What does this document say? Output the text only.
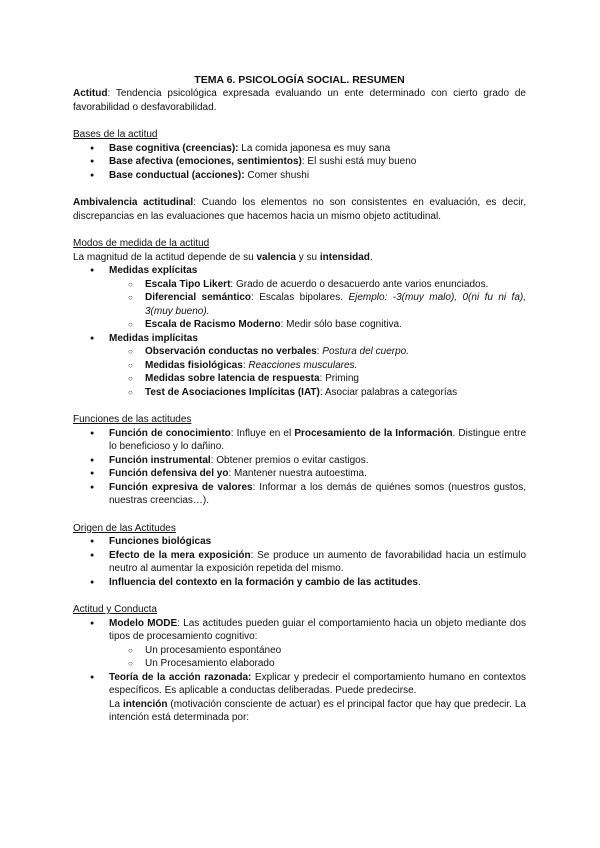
TEMA 6. PSICOLOGÍA SOCIAL. RESUMEN

Actitud: Tendencia psicológica expresada evaluando un ente determinado con cierto grado de favorabilidad o desfavorabilidad.

Bases de la actitud

● Base cognitiva (creencias): La comida japonesa es muy sana
● Base afectiva (emociones, sentimientos): El sushi está muy bueno
● Base conductual (acciones): Comer shushi

Ambivalencia actitudinal: Cuando los elementos no son consistentes en evaluación, es decir, discrepancias en las evaluaciones que hacemos hacia un mismo objeto actitudinal.

Modos de medida de la actitud

La magnitud de la actitud depende de su valencia y su intensidad.

● Medidas explícitas
○ Escala Tipo Likert: Grado de acuerdo o desacuerdo ante varios enunciados.
○ Diferencial semántico: Escalas bipolares. Ejemplo: -3(muy malo), 0(ni fu ni fa), 3(muy bueno).
○ Escala de Racismo Moderno: Medir sólo base cognitiva.
● Medidas implícitas
○ Observación conductas no verbales: Postura del cuerpo.
○ Medidas fisiológicas: Reacciones musculares.
○ Medidas sobre latencia de respuesta: Priming
○ Test de Asociaciones Implícitas (IAT): Asociar palabras a categorías

Funciones de las actitudes

● Función de conocimiento: Influye en el Procesamiento de la Información. Distingue entre lo beneficioso y lo dañino.
● Función instrumental: Obtener premios o evitar castigos.
● Función defensiva del yo: Mantener nuestra autoestima.
● Función expresiva de valores: Informar a los demás de quiénes somos (nuestros gustos, nuestras creencias…).

Origen de las Actitudes

● Funciones biológicas
● Efecto de la mera exposición: Se produce un aumento de favorabilidad hacia un estímulo neutro al aumentar la exposición repetida del mismo.
● Influencia del contexto en la formación y cambio de las actitudes.

Actitud y Conducta

● Modelo MODE: Las actitudes pueden guiar el comportamiento hacia un objeto mediante dos tipos de procesamiento cognitivo:
○ Un procesamiento espontáneo
○ Un Procesamiento elaborado
● Teoría de la acción razonada: Explicar y predecir el comportamiento humano en contextos específicos. Es aplicable a conductas deliberadas. Puede predecirse.
La intención (motivación consciente de actuar) es el principal factor que hay que predecir. La intención está determinada por:
